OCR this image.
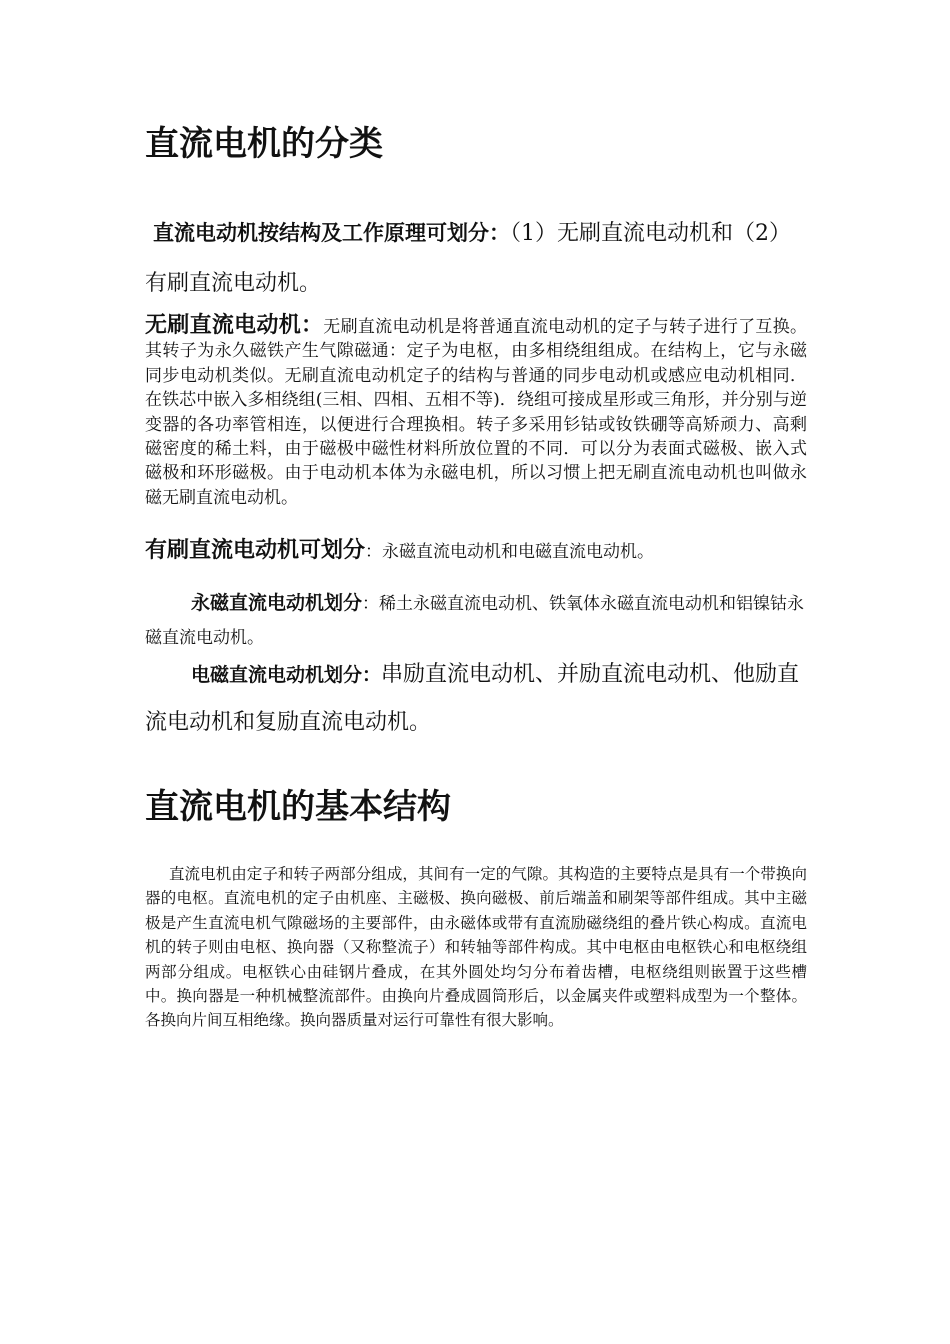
直流电机的分类

直流电动机按结构及工作原理可划分：（1）无刷直流电动机和（2）有刷直流电动机。

无刷直流电动机：无刷直流电动机是将普通直流电动机的定子与转子进行了互换。其转子为永久磁铁产生气隙磁通：定子为电枢，由多相绕组组成。在结构上，它与永磁同步电动机类似。无刷直流电动机定子的结构与普通的同步电动机或感应电动机相同．在铁芯中嵌入多相绕组(三相、四相、五相不等)．绕组可接成星形或三角形，并分别与逆变器的各功率管相连，以便进行合理换相。转子多采用钐钴或钕铁硼等高矫顽力、高剩磁密度的稀土料，由于磁极中磁性材料所放位置的不同．可以分为表面式磁极、嵌入式磁极和环形磁极。由于电动机本体为永磁电机，所以习惯上把无刷直流电动机也叫做永磁无刷直流电动机。

有刷直流电动机可划分：永磁直流电动机和电磁直流电动机。

永磁直流电动机划分：稀土永磁直流电动机、铁氧体永磁直流电动机和铝镍钴永磁直流电动机。

电磁直流电动机划分：串励直流电动机、并励直流电动机、他励直流电动机和复励直流电动机。

直流电机的基本结构

直流电机由定子和转子两部分组成，其间有一定的气隙。其构造的主要特点是具有一个带换向器的电枢。直流电机的定子由机座、主磁极、换向磁极、前后端盖和刷架等部件组成。其中主磁极是产生直流电机气隙磁场的主要部件，由永磁体或带有直流励磁绕组的叠片铁心构成。直流电机的转子则由电枢、换向器（又称整流子）和转轴等部件构成。其中电枢由电枢铁心和电枢绕组两部分组成。电枢铁心由硅钢片叠成，在其外圆处均匀分布着齿槽，电枢绕组则嵌置于这些槽中。换向器是一种机械整流部件。由换向片叠成圆筒形后，以金属夹件或塑料成型为一个整体。各换向片间互相绝缘。换向器质量对运行可靠性有很大影响。
